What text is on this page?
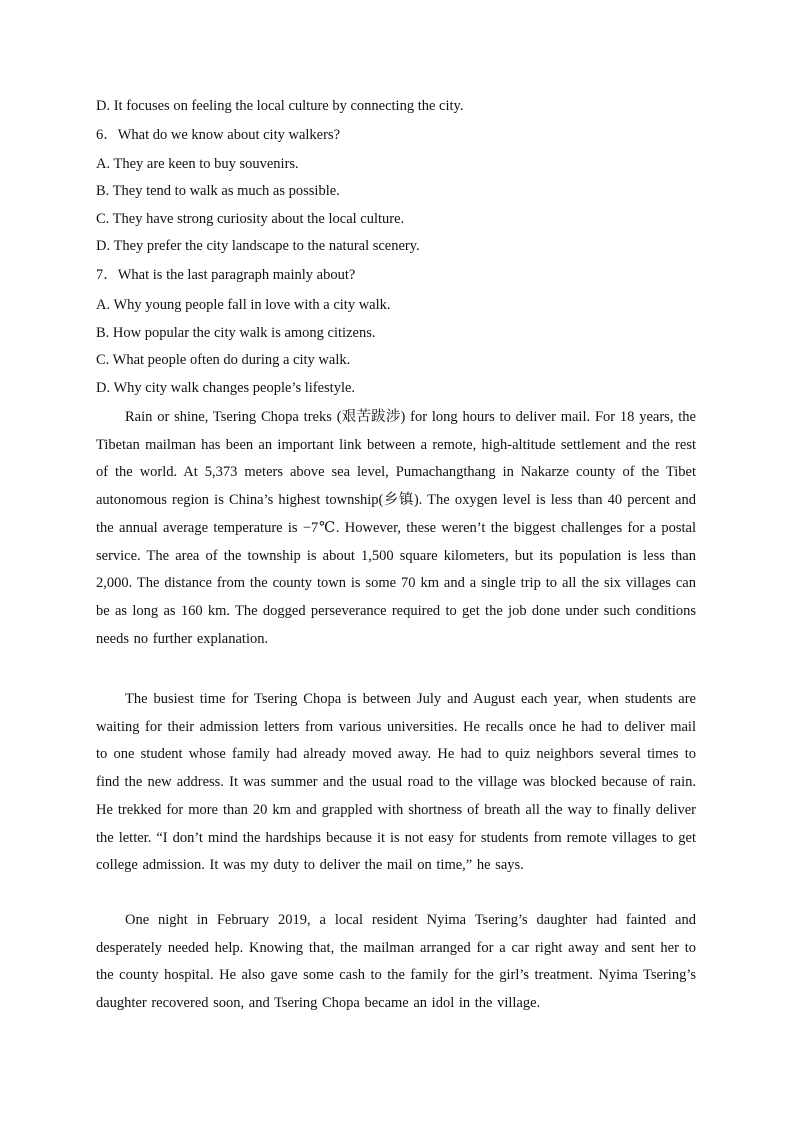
D. It focuses on feeling the local culture by connecting the city.
6．What do we know about city walkers?
A. They are keen to buy souvenirs.
B. They tend to walk as much as possible.
C. They have strong curiosity about the local culture.
D. They prefer the city landscape to the natural scenery.
7．What is the last paragraph mainly about?
A. Why young people fall in love with a city walk.
B. How popular the city walk is among citizens.
C. What people often do during a city walk.
D. Why city walk changes people’s lifestyle.

Rain or shine, Tsering Chopa treks (艰苦跋涉) for long hours to deliver mail. For 18 years, the Tibetan mailman has been an important link between a remote, high-altitude settlement and the rest of the world. At 5,373 meters above sea level, Pumachangthang in Nakarze county of the Tibet autonomous region is China’s highest township(乡镇). The oxygen level is less than 40 percent and the annual average temperature is −7℃. However, these weren’t the biggest challenges for a postal service. The area of the township is about 1,500 square kilometers, but its population is less than 2,000. The distance from the county town is some 70 km and a single trip to all the six villages can be as long as 160 km. The dogged perseverance required to get the job done under such conditions needs no further explanation.

The busiest time for Tsering Chopa is between July and August each year, when students are waiting for their admission letters from various universities. He recalls once he had to deliver mail to one student whose family had already moved away. He had to quiz neighbors several times to find the new address. It was summer and the usual road to the village was blocked because of rain. He trekked for more than 20 km and grappled with shortness of breath all the way to finally deliver the letter. “I don’t mind the hardships because it is not easy for students from remote villages to get college admission. It was my duty to deliver the mail on time,” he says.

One night in February 2019, a local resident Nyima Tsering’s daughter had fainted and desperately needed help. Knowing that, the mailman arranged for a car right away and sent her to the county hospital. He also gave some cash to the family for the girl’s treatment. Nyima Tsering’s daughter recovered soon, and Tsering Chopa became an idol in the village.
